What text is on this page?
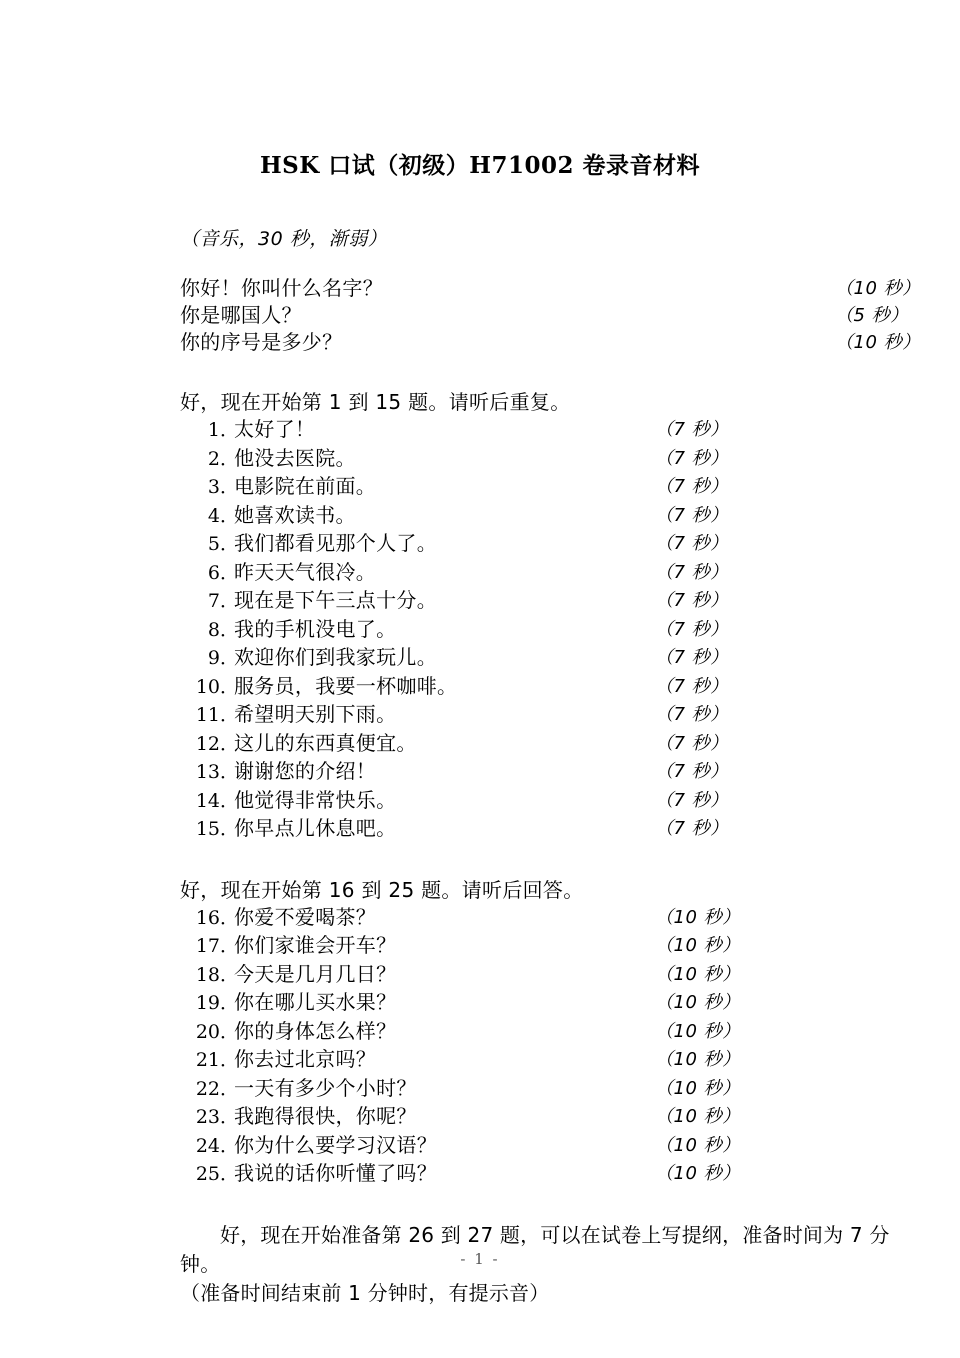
HSK 口试（初级）H71002 卷录音材料
（音乐，30 秒，渐弱）
你好！你叫什么名字？	（10 秒）
你是哪国人？	（5 秒）
你的序号是多少？	（10 秒）
好，现在开始第 1 到 15 题。请听后重复。
1．太好了！	（7 秒）
2．他没去医院。	（7 秒）
3．电影院在前面。	（7 秒）
4．她喜欢读书。	（7 秒）
5．我们都看见那个人了。	（7 秒）
6．昨天天气很冷。	（7 秒）
7．现在是下午三点十分。	（7 秒）
8．我的手机没电了。	（7 秒）
9．欢迎你们到我家玩儿。	（7 秒）
10．服务员，我要一杯咖啡。	（7 秒）
11．希望明天别下雨。	（7 秒）
12．这儿的东西真便宜。	（7 秒）
13．谢谢您的介绍！	（7 秒）
14．他觉得非常快乐。	（7 秒）
15．你早点儿休息吧。	（7 秒）
好，现在开始第 16 到 25 题。请听后回答。
16．你爱不爱喝茶？	（10 秒）
17．你们家谁会开车？	（10 秒）
18．今天是几月几日？	（10 秒）
19．你在哪儿买水果？	（10 秒）
20．你的身体怎么样？	（10 秒）
21．你去过北京吗？	（10 秒）
22．一天有多少个小时？	（10 秒）
23．我跑得很快，你呢？	（10 秒）
24．你为什么要学习汉语？	（10 秒）
25．我说的话你听懂了吗？	（10 秒）
好，现在开始准备第 26 到 27 题，可以在试卷上写提纲，准备时间为 7 分钟。
（准备时间结束前 1 分钟时，有提示音）
- 1 -
